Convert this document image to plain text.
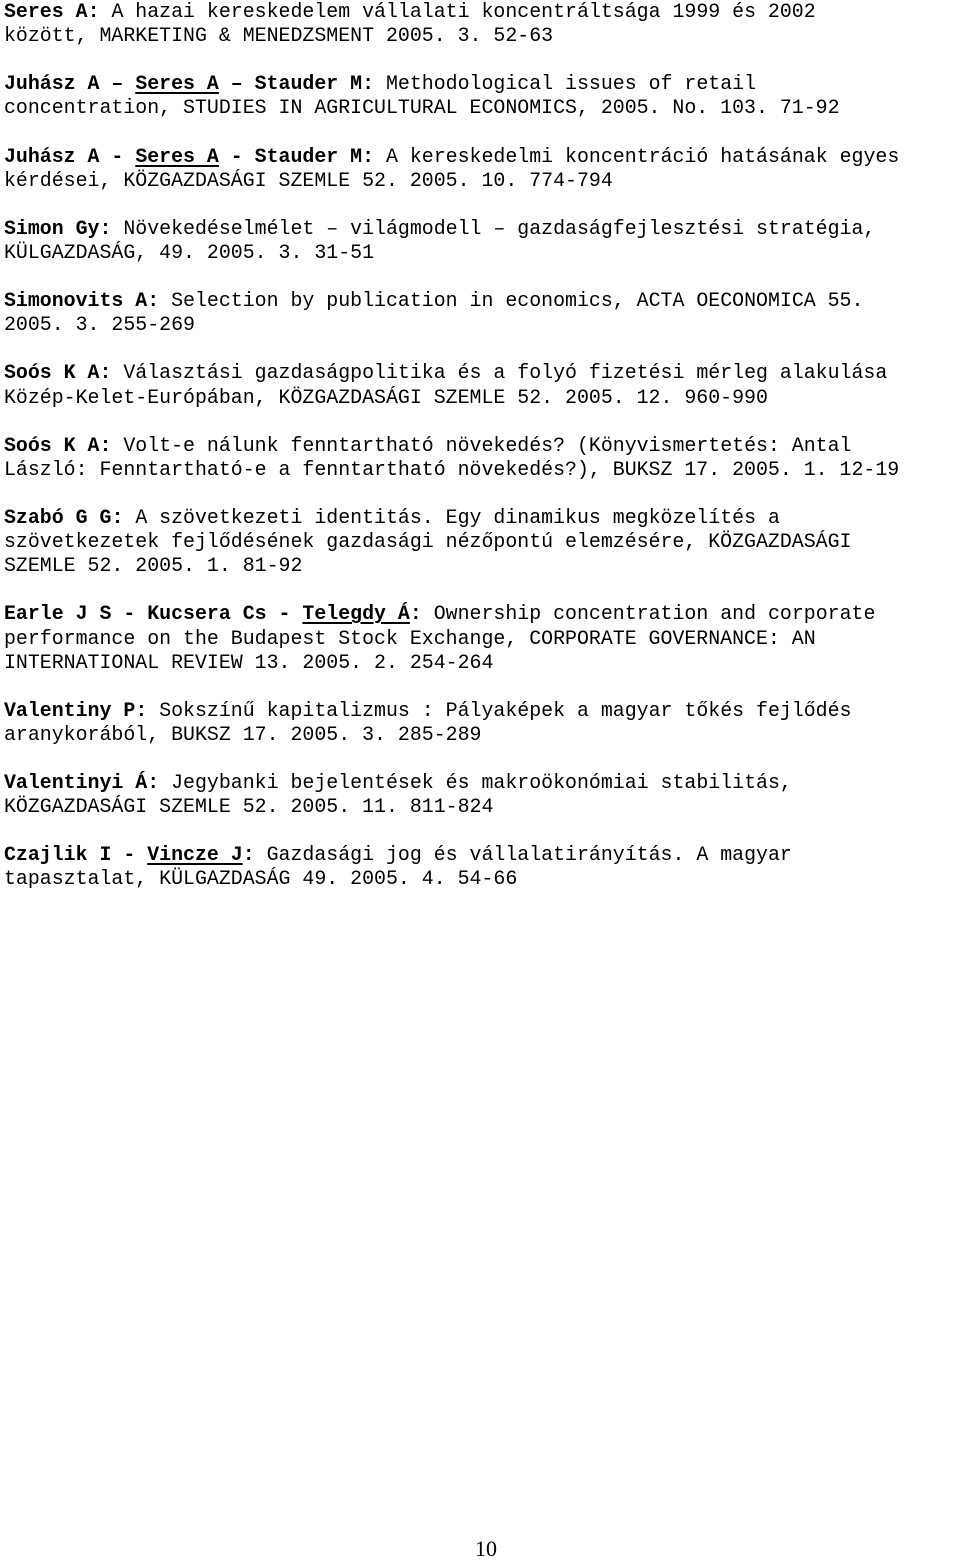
Seres A: A hazai kereskedelem vállalati koncentráltsága 1999 és 2002
között, MARKETING & MENEDZSMENT 2005. 3. 52-63
Juhász A – Seres A – Stauder M: Methodological issues of retail
concentration, STUDIES IN AGRICULTURAL ECONOMICS, 2005. No. 103. 71-92
Juhász A - Seres A - Stauder M: A kereskedelmi koncentráció hatásának egyes
kérdései, KÖZGAZDASÁGI SZEMLE 52. 2005. 10. 774-794
Simon Gy: Növekedéselmélet – világmodell – gazdaságfejlesztési stratégia,
KÜLGAZDASÁG, 49. 2005. 3. 31-51
Simonovits A: Selection by publication in economics, ACTA OECONOMICA 55.
2005. 3. 255-269
Soós K A: Választási gazdaságpolitika és a folyó fizetési mérleg alakulása
Közép-Kelet-Európában, KÖZGAZDASÁGI SZEMLE 52. 2005. 12. 960-990
Soós K A: Volt-e nálunk fenntartható növekedés? (Könyvismertetés: Antal
László: Fenntartható-e a fenntartható növekedés?), BUKSZ 17. 2005. 1. 12-19
Szabó G G: A szövetkezeti identitás. Egy dinamikus megközelítés a
szövetkezetek fejlődésének gazdasági nézőpontú elemzésére, KÖZGAZDASÁGI
SZEMLE 52. 2005. 1. 81-92
Earle J S - Kucsera Cs - Telegdy Á: Ownership concentration and corporate
performance on the Budapest Stock Exchange, CORPORATE GOVERNANCE: AN
INTERNATIONAL REVIEW 13. 2005. 2. 254-264
Valentiny P: Sokszínű kapitalizmus : Pályaképek a magyar tőkés fejlődés
aranykorából, BUKSZ 17. 2005. 3. 285-289
Valentinyi Á: Jegybanki bejelentések és makroökonómiai stabilitás,
KÖZGAZDASÁGI SZEMLE 52. 2005. 11. 811-824
Czajlik I - Vincze J: Gazdasági jog és vállalatirányítás. A magyar
tapasztalat, KÜLGAZDASÁG 49. 2005. 4. 54-66
10
